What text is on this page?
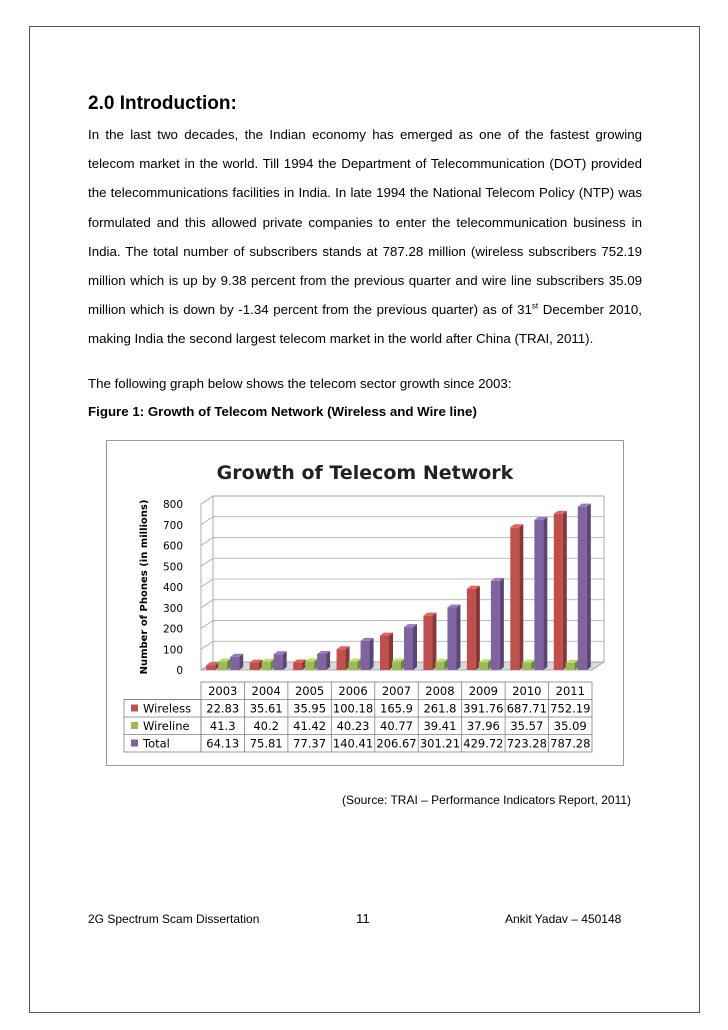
2.0 Introduction:

In the last two decades, the Indian economy has emerged as one of the fastest growing telecom market in the world. Till 1994 the Department of Telecommunication (DOT) provided the telecommunications facilities in India. In late 1994 the National Telecom Policy (NTP) was formulated and this allowed private companies to enter the telecommunication business in India. The total number of subscribers stands at 787.28 million (wireless subscribers 752.19 million which is up by 9.38 percent from the previous quarter and wire line subscribers 35.09 million which is down by -1.34 percent from the previous quarter) as of 31st December 2010, making India the second largest telecom market in the world after China (TRAI, 2011).

The following graph below shows the telecom sector growth since 2003:

Figure 1: Growth of Telecom Network (Wireless and Wire line)

Growth of Telecom Network
Number of Phones (in millions)	0
100
200
300
400
500
600
700
800
2003 2004 2005 2006 2007 2008 2009 2010 2011
Wireless 22.83 35.61 35.95 100.18 165.9 261.8 391.76 687.71 752.19
Wireline 41.3 40.2 41.42 40.23 40.77 39.41 37.96 35.57 35.09
Total	64.13 75.81 77.37 140.41 206.67 301.21 429.72 723.28 787.28
(Source: TRAI – Performance Indicators Report, 2011)
2G Spectrum Scam Dissertation	11	Ankit Yadav – 450148
